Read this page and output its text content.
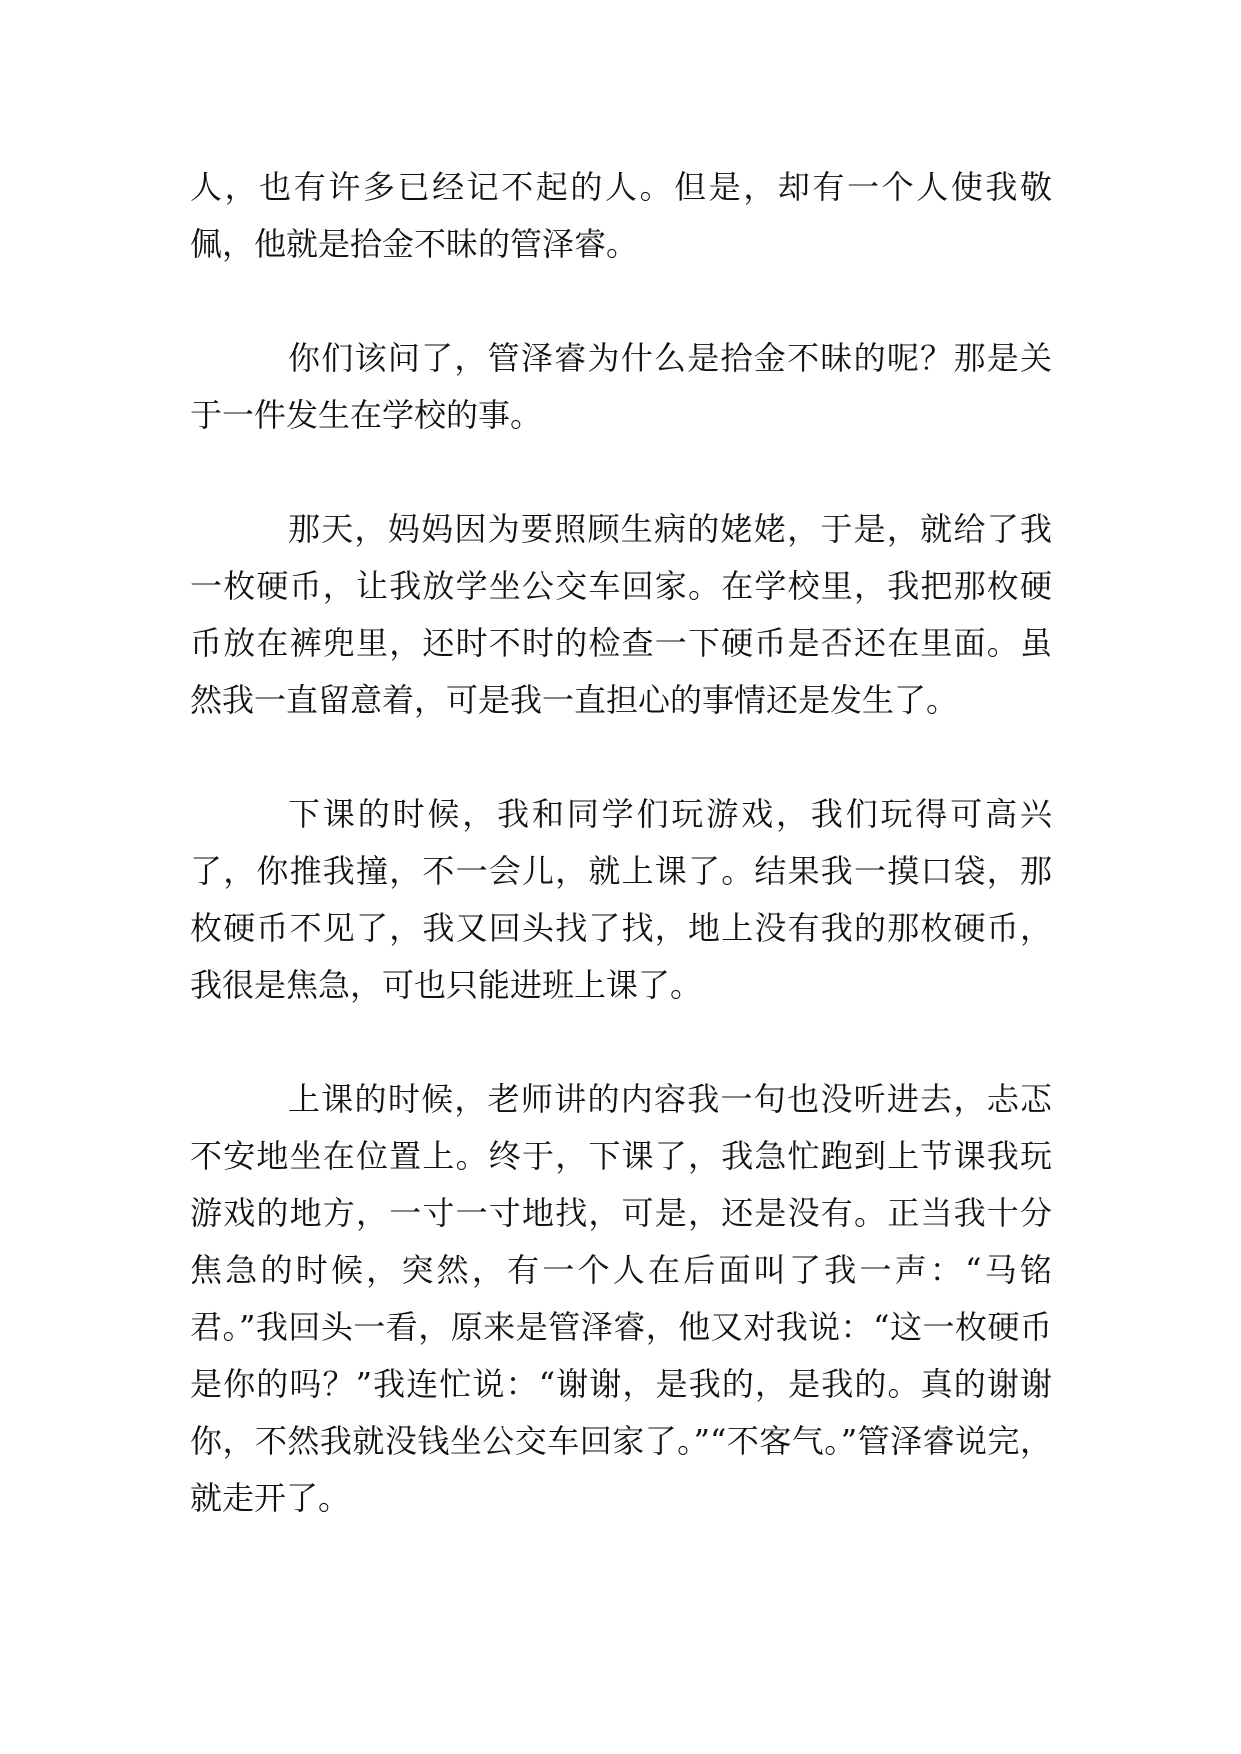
人，也有许多已经记不起的人。但是，却有一个人使我敬佩，他就是拾金不昧的管泽睿。

你们该问了，管泽睿为什么是拾金不昧的呢？那是关于一件发生在学校的事。

那天，妈妈因为要照顾生病的姥姥，于是，就给了我一枚硬币，让我放学坐公交车回家。在学校里，我把那枚硬币放在裤兜里，还时不时的检查一下硬币是否还在里面。虽然我一直留意着，可是我一直担心的事情还是发生了。

下课的时候，我和同学们玩游戏，我们玩得可高兴了，你推我撞，不一会儿，就上课了。结果我一摸口袋，那枚硬币不见了，我又回头找了找，地上没有我的那枚硬币，我很是焦急，可也只能进班上课了。

上课的时候，老师讲的内容我一句也没听进去，忐忑不安地坐在位置上。终于，下课了，我急忙跑到上节课我玩游戏的地方，一寸一寸地找，可是，还是没有。正当我十分焦急的时候，突然，有一个人在后面叫了我一声：“马铭君。”我回头一看，原来是管泽睿，他又对我说：“这一枚硬币是你的吗？”我连忙说：“谢谢，是我的，是我的。真的谢谢你，不然我就没钱坐公交车回家了。”“不客气。”管泽睿说完，就走开了。
